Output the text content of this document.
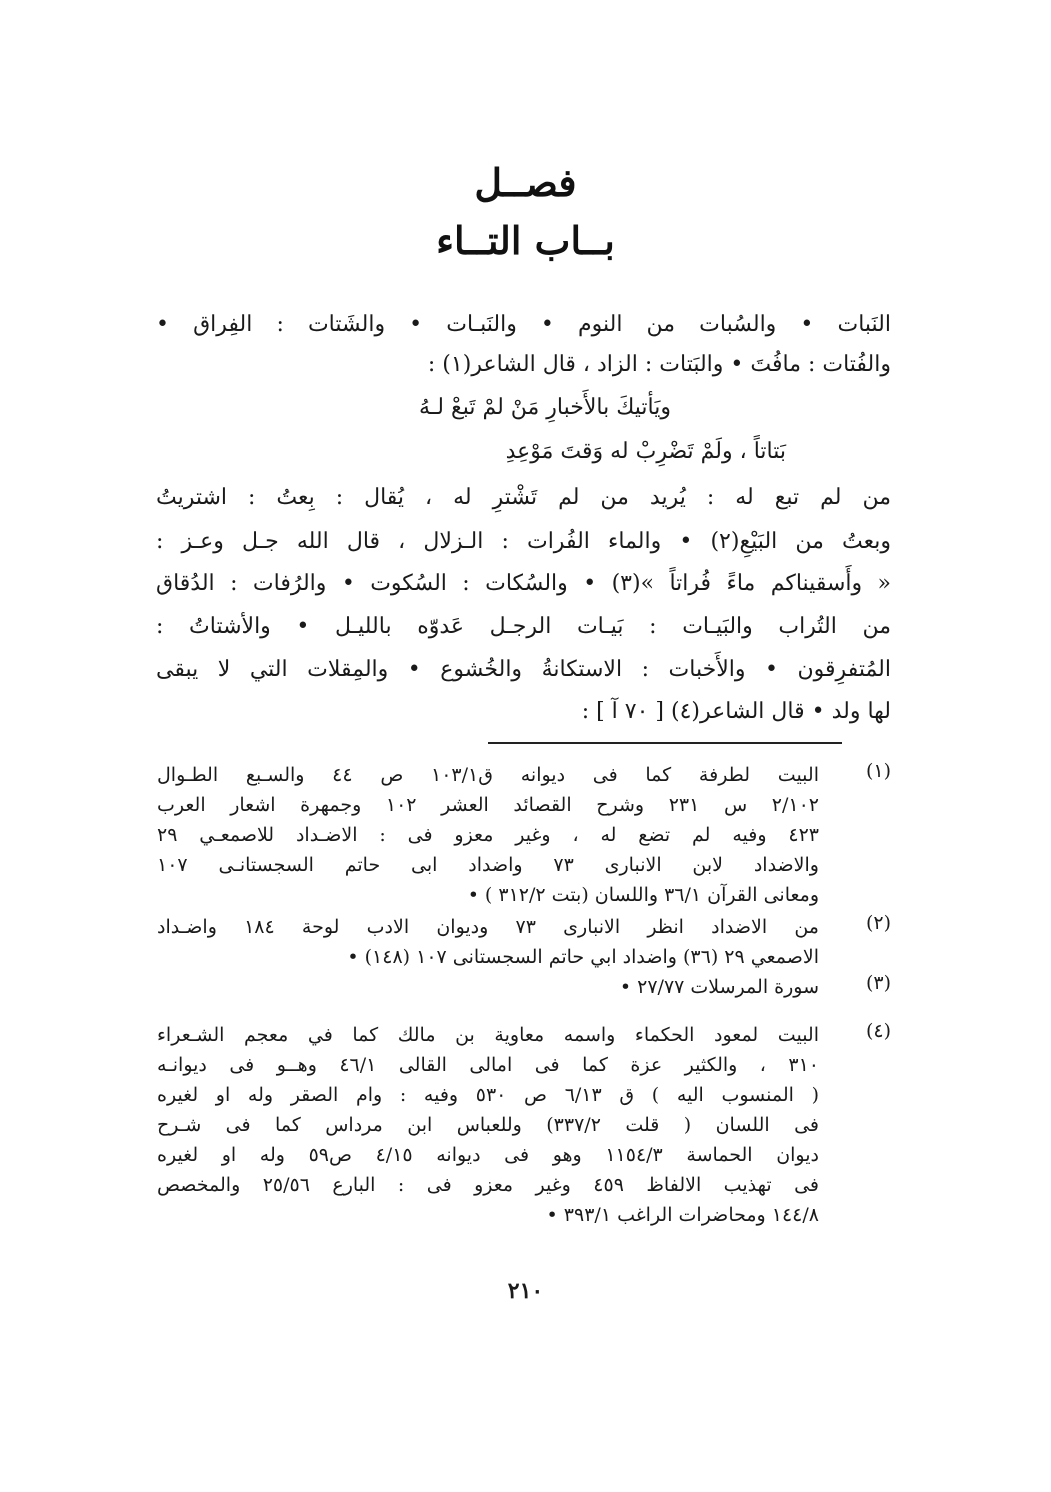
فصــل
بــاب التــاء
النَبات • والسُبات من النوم • والنَبـات • والشَتات : الفِراق •
والفُتات : مافُتَ • والبَتات : الزاد ، قال الشاعر(١) :
ويَأتيكَ بالأَخبارِ مَنْ لمْ تَبعْ لـهُ
بَتاتاً ، ولَمْ تَضْرِبْ له وَقتَ مَوْعِدِ
من لم تبع له : يُريد من لم تَشْترِ له ، يُقال : بِعتُ : اشتريتُ
وبعتُ من البَيْعِ(٢) • والماء الفُرات : الـزلال ، قال الله جـل وعـز :
« وأَسقيناكم ماءً فُراتاً »(٣) • والسُكات : السُكوت • والرُفات : الدُقاق
من التُراب والبَيـات : بَيـات الرجـل عَدوّه بالليـل • والأشتاتُ :
المُتفرِقون • والأَخبات : الاستكانةُ والخُشوع • والمِقلات التي لا يبقى
لها ولد • قال الشاعر(٤) [ ٧٠ آ ] :
(١)
البيت لطرفة كما فى ديوانه ق١٠٣/١ ص ٤٤ والسـبع الطـوال
٢/١٠٢ س ٢٣١ وشرح القصائد العشر ١٠٢ وجمهرة اشعار العرب
٤٢٣ وفيه لم تضع له ، وغير معزو فى : الاضـداد للاصمعـي ٢٩
والاضداد لابن الانبارى ٧٣ واضداد ابى حاتم السجستانـى ١٠٧
ومعانى القرآن ٣٦/١ واللسان (بتت ٣١٢/٢ ) •
(٢)
من الاضداد انظر الانبارى ٧٣ وديوان الادب لوحة ١٨٤ واضـداد
الاصمعي ٢٩ (٣٦) واضداد ابي حاتم السجستانى ١٠٧ (١٤٨) •
(٣)
سورة المرسلات ٢٧/٧٧ •
(٤)
البيت لمعود الحكماء واسمه معاوية بن مالك كما في معجم الشـعراء
٣١٠ ، والكثير عزة كما فى امالى القالى ٤٦/١ وهــو فى ديوانـه
( المنسوب اليه ) ق ٦/١٣ ص ٥٣٠ وفيه : وام الصقر وله او لغيره
فى اللسان ( قلت ٣٣٧/٢) وللعباس ابن مرداس كما فى شـرح
ديوان الحماسة ١١٥٤/٣ وهو فى ديوانه ٤/١٥ ص٥٩ وله او لغيره
فى تهذيب الالفاظ ٤٥٩ وغير معزو فى : البارع ٢٥/٥٦ والمخصص
١٤٤/٨ ومحاضرات الراغب ٣٩٣/١ •
٢١٠
